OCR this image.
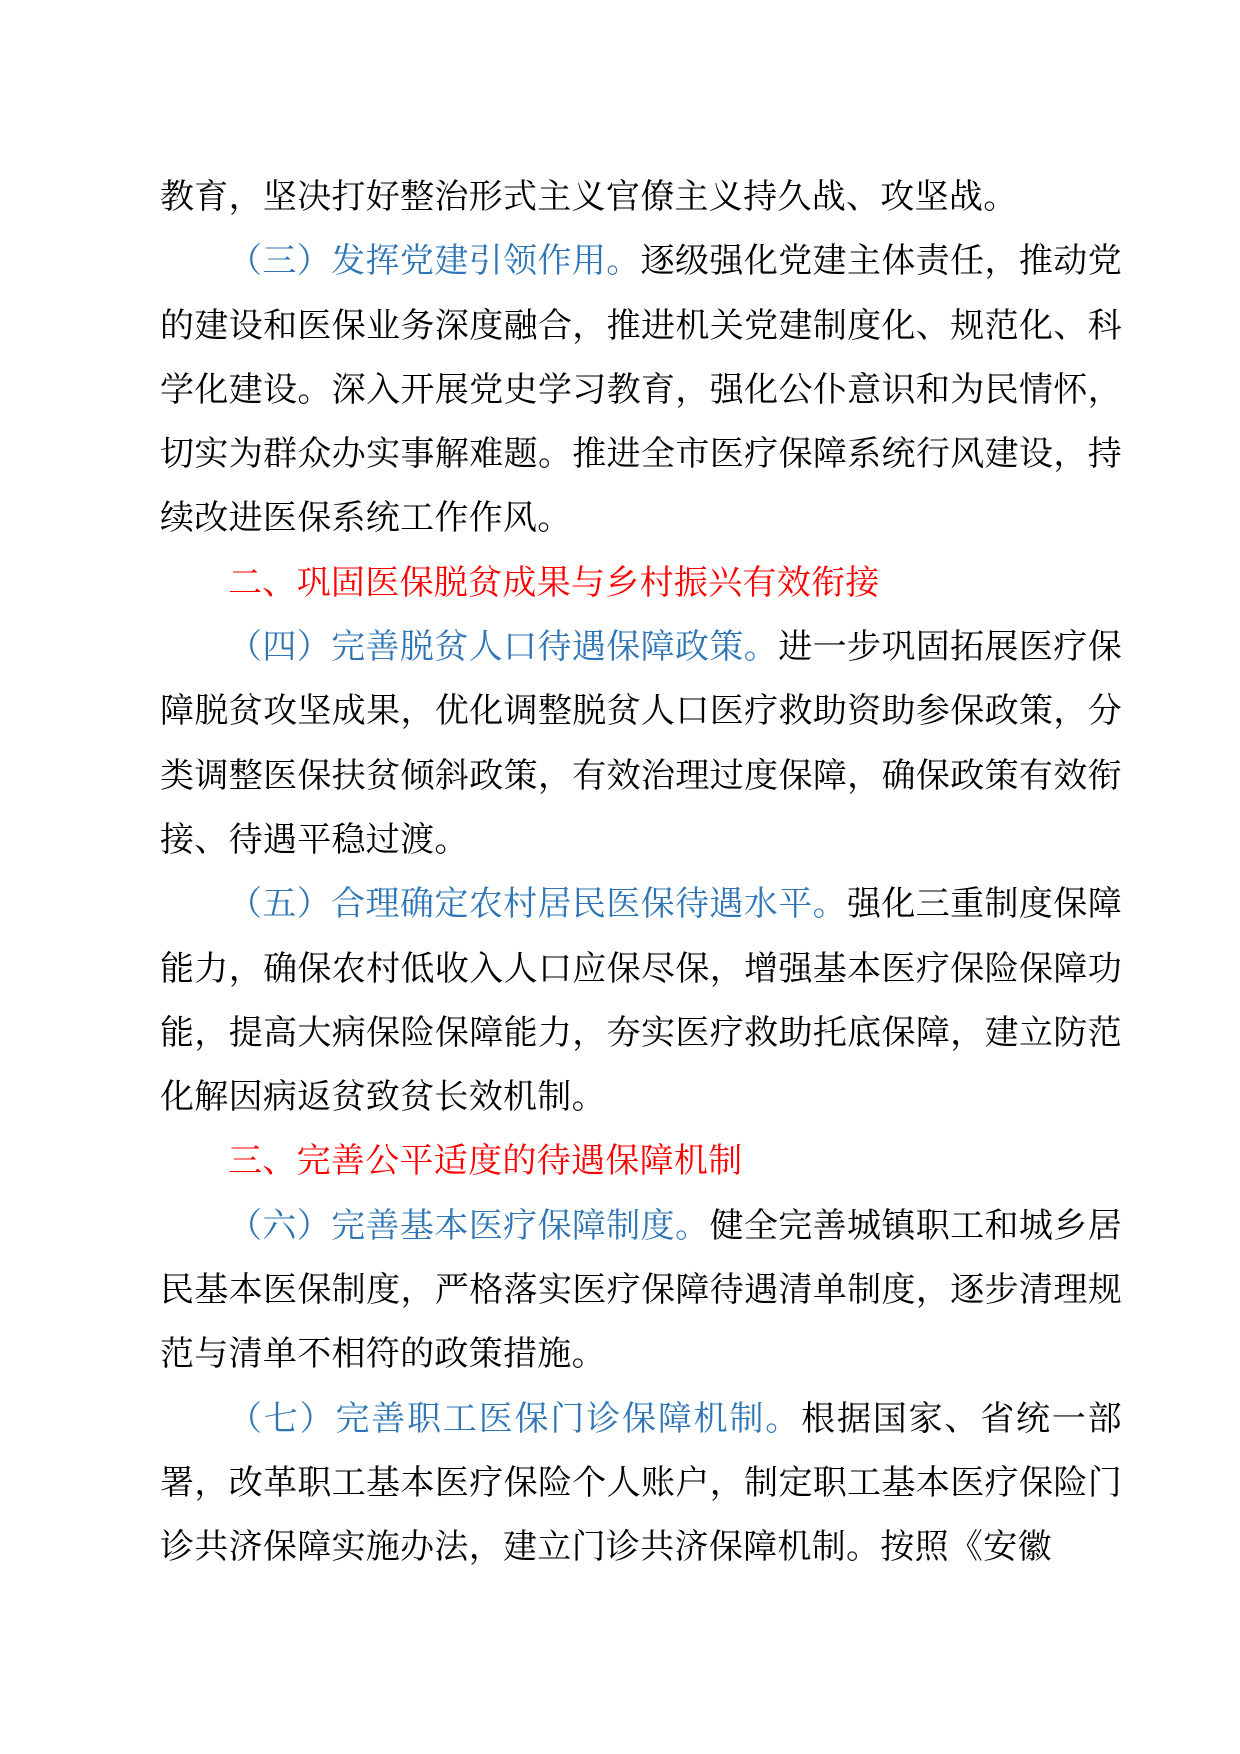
教育，坚决打好整治形式主义官僚主义持久战、攻坚战。

（三）发挥党建引领作用。逐级强化党建主体责任，推动党的建设和医保业务深度融合，推进机关党建制度化、规范化、科学化建设。深入开展党史学习教育，强化公仆意识和为民情怀，切实为群众办实事解难题。推进全市医疗保障系统行风建设，持续改进医保系统工作作风。

二、巩固医保脱贫成果与乡村振兴有效衔接

（四）完善脱贫人口待遇保障政策。进一步巩固拓展医疗保障脱贫攻坚成果，优化调整脱贫人口医疗救助资助参保政策，分类调整医保扶贫倾斜政策，有效治理过度保障，确保政策有效衔接、待遇平稳过渡。

（五）合理确定农村居民医保待遇水平。强化三重制度保障能力，确保农村低收入人口应保尽保，增强基本医疗保险保障功能，提高大病保险保障能力，夯实医疗救助托底保障，建立防范化解因病返贫致贫长效机制。

三、完善公平适度的待遇保障机制

（六）完善基本医疗保障制度。健全完善城镇职工和城乡居民基本医保制度，严格落实医疗保障待遇清单制度，逐步清理规范与清单不相符的政策措施。

（七）完善职工医保门诊保障机制。根据国家、省统一部署，改革职工基本医疗保险个人账户，制定职工基本医疗保险门诊共济保障实施办法，建立门诊共济保障机制。按照《安徽
